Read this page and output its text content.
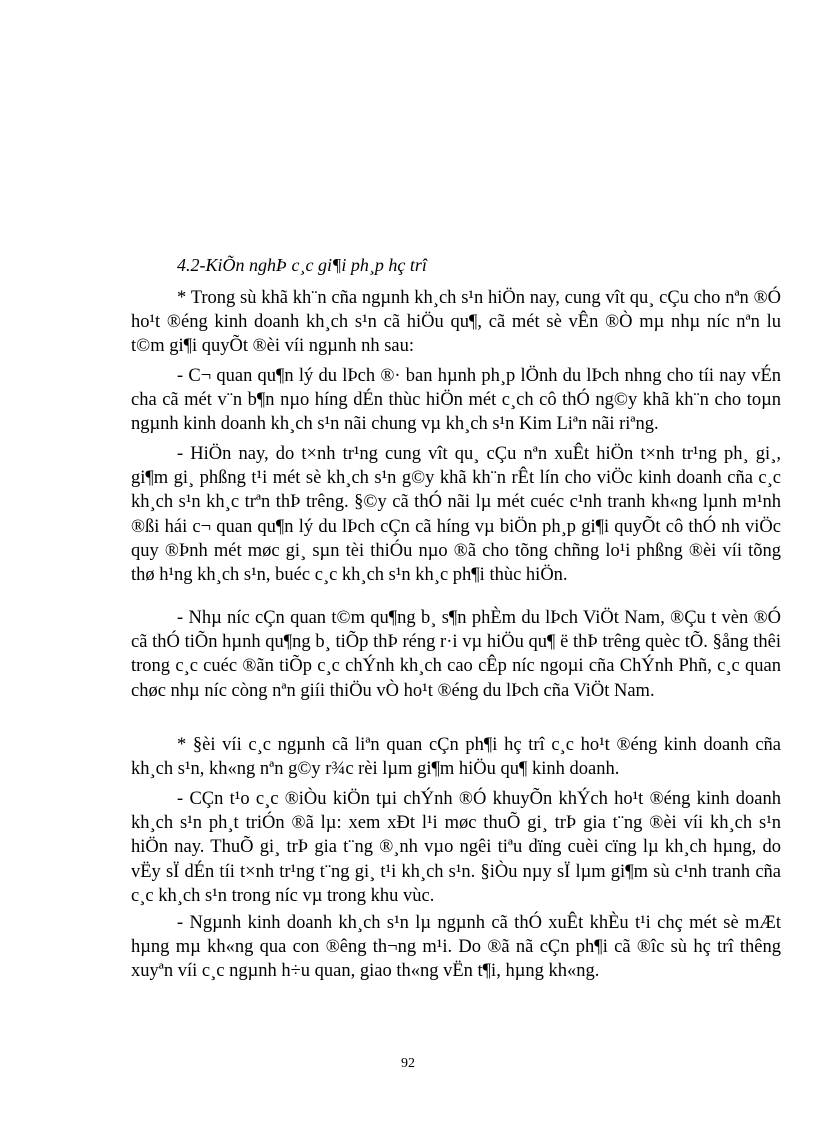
4.2-KiÕn nghÞ c¸c gi¶i ph¸p hç trî

* Trong sù khã kh¨n cña ngµnh kh¸ch s¹n hiÖn nay, cung vît qu¸ cÇu cho nªn ®Ó ho¹t ®éng kinh doanh kh¸ch s¹n cã hiÖu qu¶, cã mét sè vÊn ®Ò mµ nhµ níc nªn lu t©m gi¶i quyÕt ®èi víi ngµnh nh sau:

- C¬ quan qu¶n lý du lÞch ®· ban hµnh ph¸p lÖnh du lÞch nhng cho tíi nay vÉn cha cã mét v¨n b¶n nµo híng dÉn thùc hiÖn mét c¸ch cô thÓ ng©y khã kh¨n cho toµn ngµnh kinh doanh kh¸ch s¹n nãi chung vµ kh¸ch s¹n Kim Liªn nãi riªng.

- HiÖn nay, do t×nh tr¹ng cung vît qu¸ cÇu nªn xuÊt hiÖn t×nh tr¹ng ph¸ gi¸, gi¶m gi¸ phßng t¹i mét sè kh¸ch s¹n g©y khã kh¨n rÊt lín cho viÖc kinh doanh cña c¸c kh¸ch s¹n kh¸c trªn thÞ trêng. §©y cã thÓ nãi lµ mét cuéc c¹nh tranh kh«ng lµnh m¹nh ®ßi hái c¬ quan qu¶n lý du lÞch cÇn cã híng vµ biÖn ph¸p gi¶i quyÕt cô thÓ nh viÖc quy ®Þnh mét møc gi¸ sµn tèi thiÓu nµo ®ã cho tõng chñng lo¹i phßng ®èi víi tõng thø h¹ng kh¸ch s¹n, buéc c¸c kh¸ch s¹n kh¸c ph¶i thùc hiÖn.

- Nhµ níc cÇn quan t©m qu¶ng b¸ s¶n phÈm du lÞch ViÖt Nam, ®Çu t vèn ®Ó cã thÓ tiÕn hµnh qu¶ng b¸ tiÕp thÞ réng r·i vµ hiÖu qu¶ ë thÞ trêng quèc tÕ. §ång thêi trong c¸c cuéc ®ãn tiÕp c¸c chÝnh kh¸ch cao cÊp níc ngoµi cña ChÝnh Phñ, c¸c quan chøc nhµ níc còng nªn giíi thiÖu vÒ ho¹t ®éng du lÞch cña ViÖt Nam.

* §èi víi c¸c ngµnh cã liªn quan cÇn ph¶i hç trî c¸c ho¹t ®éng kinh doanh cña kh¸ch s¹n, kh«ng nªn g©y r¾c rèi lµm gi¶m hiÖu qu¶ kinh doanh.

- CÇn t¹o c¸c ®iÒu kiÖn tµi chÝnh ®Ó khuyÕn khÝch ho¹t ®éng kinh doanh kh¸ch s¹n ph¸t triÓn ®ã lµ: xem xÐt l¹i møc thuÕ gi¸ trÞ gia t¨ng ®èi víi kh¸ch s¹n hiÖn nay. ThuÕ gi¸ trÞ gia t¨ng ®¸nh vµo ngêi tiªu dïng cuèi cïng lµ kh¸ch hµng, do vËy sÏ dÉn tíi t×nh tr¹ng t¨ng gi¸ t¹i kh¸ch s¹n. §iÒu nµy sÏ lµm gi¶m sù c¹nh tranh cña c¸c kh¸ch s¹n trong níc vµ trong khu vùc.

- Ngµnh kinh doanh kh¸ch s¹n lµ ngµnh cã thÓ xuÊt khÈu t¹i chç mét sè mÆt hµng mµ kh«ng qua con ®êng th¬ng m¹i. Do ®ã nã cÇn ph¶i cã ®îc sù hç trî thêng xuyªn víi c¸c ngµnh h÷u quan, giao th«ng vËn t¶i, hµng kh«ng.

92
